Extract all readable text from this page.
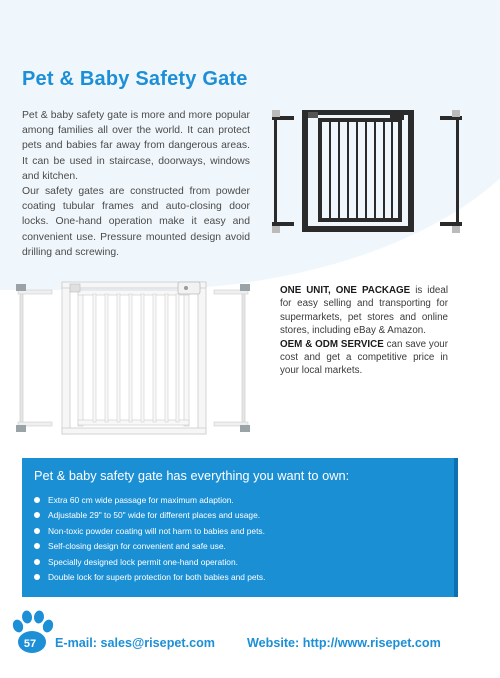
Pet & Baby Safety Gate

Pet & baby safety gate is more and more popular among families all over the world. It can protect pets and babies far away from dangerous areas. It can be used in staircase, doorways, windows and kitchen.

Our safety gates are constructed from powder coating tubular frames and auto-closing door locks. One-hand operation make it easy and convenient use. Pressure mounted design avoid drilling and screwing.

ONE UNIT, ONE PACKAGE is ideal for easy selling and transporting for supermarkets, pet stores and online stores, including eBay & Amazon.

OEM & ODM SERVICE can save your cost and get a competitive price in your local markets.

Pet & baby safety gate has everything you want to own:
Extra 60 cm wide passage for maximum adaption.
Adjustable 29" to 50" wide for different places and usage.
Non-toxic powder coating will not harm to babies and pets.
Self-closing design for convenient and safe use.
Specially designed lock permit one-hand operation.
Double lock for superb protection for both babies and pets.
57	E-mail: sales@risepet.com	Website: http://www.risepet.com
